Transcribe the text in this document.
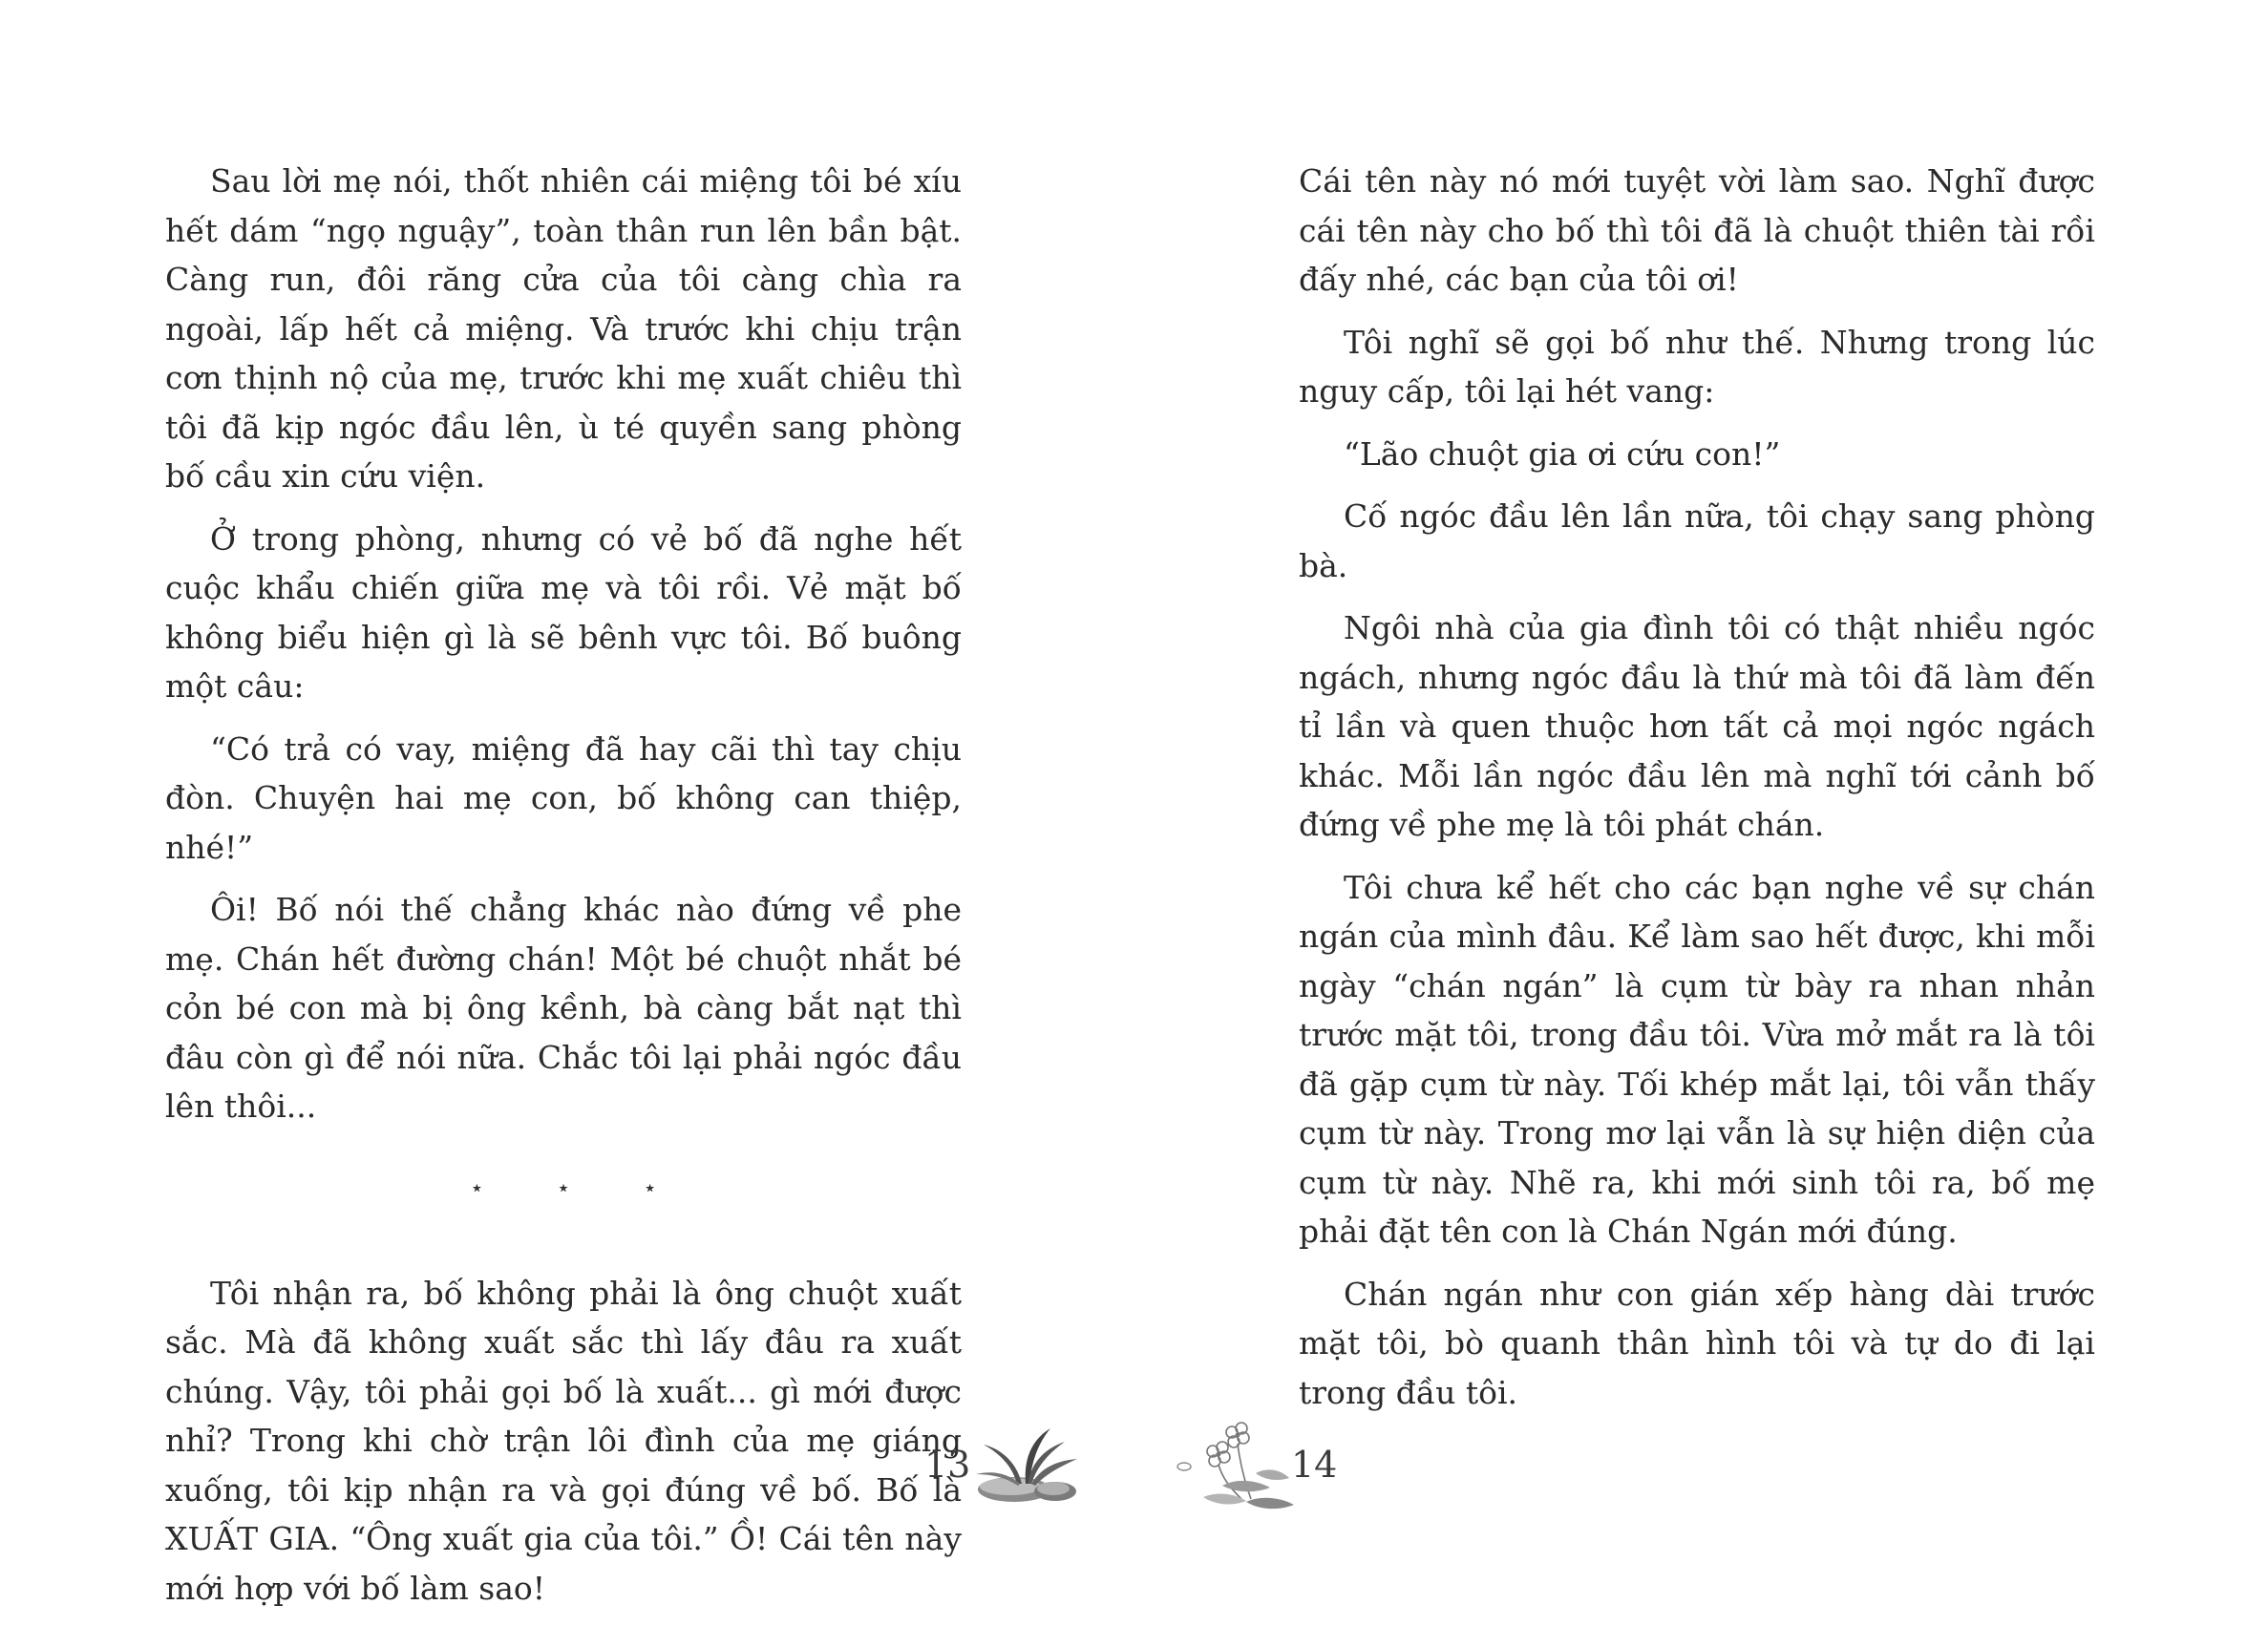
Sau lời mẹ nói, thốt nhiên cái miệng tôi bé xíu hết dám “ngọ nguậy”, toàn thân run lên bần bật. Càng run, đôi răng cửa của tôi càng chìa ra ngoài, lấp hết cả miệng. Và trước khi chịu trận cơn thịnh nộ của mẹ, trước khi mẹ xuất chiêu thì tôi đã kịp ngóc đầu lên, ù té quyền sang phòng bố cầu xin cứu viện.

Ở trong phòng, nhưng có vẻ bố đã nghe hết cuộc khẩu chiến giữa mẹ và tôi rồi. Vẻ mặt bố không biểu hiện gì là sẽ bênh vực tôi. Bố buông một câu:

“Có trả có vay, miệng đã hay cãi thì tay chịu đòn. Chuyện hai mẹ con, bố không can thiệp, nhé!”

Ôi! Bố nói thế chẳng khác nào đứng về phe mẹ. Chán hết đường chán! Một bé chuột nhắt bé cỏn bé con mà bị ông kềnh, bà càng bắt nạt thì đâu còn gì để nói nữa. Chắc tôi lại phải ngóc đầu lên thôi...

⋆ ⋆ ⋆

Tôi nhận ra, bố không phải là ông chuột xuất sắc. Mà đã không xuất sắc thì lấy đâu ra xuất chúng. Vậy, tôi phải gọi bố là xuất... gì mới được nhỉ? Trong khi chờ trận lôi đình của mẹ giáng xuống, tôi kịp nhận ra và gọi đúng về bố. Bố là XUẤT GIA. “Ông xuất gia của tôi.” Ồ! Cái tên này mới hợp với bố làm sao!

13

Cái tên này nó mới tuyệt vời làm sao. Nghĩ được cái tên này cho bố thì tôi đã là chuột thiên tài rồi đấy nhé, các bạn của tôi ơi!

Tôi nghĩ sẽ gọi bố như thế. Nhưng trong lúc nguy cấp, tôi lại hét vang:

“Lão chuột gia ơi cứu con!”

Cố ngóc đầu lên lần nữa, tôi chạy sang phòng bà.

Ngôi nhà của gia đình tôi có thật nhiều ngóc ngách, nhưng ngóc đầu là thứ mà tôi đã làm đến tỉ lần và quen thuộc hơn tất cả mọi ngóc ngách khác. Mỗi lần ngóc đầu lên mà nghĩ tới cảnh bố đứng về phe mẹ là tôi phát chán.

Tôi chưa kể hết cho các bạn nghe về sự chán ngán của mình đâu. Kể làm sao hết được, khi mỗi ngày “chán ngán” là cụm từ bày ra nhan nhản trước mặt tôi, trong đầu tôi. Vừa mở mắt ra là tôi đã gặp cụm từ này. Tối khép mắt lại, tôi vẫn thấy cụm từ này. Trong mơ lại vẫn là sự hiện diện của cụm từ này. Nhẽ ra, khi mới sinh tôi ra, bố mẹ phải đặt tên con là Chán Ngán mới đúng.

Chán ngán như con gián xếp hàng dài trước mặt tôi, bò quanh thân hình tôi và tự do đi lại trong đầu tôi.

14
